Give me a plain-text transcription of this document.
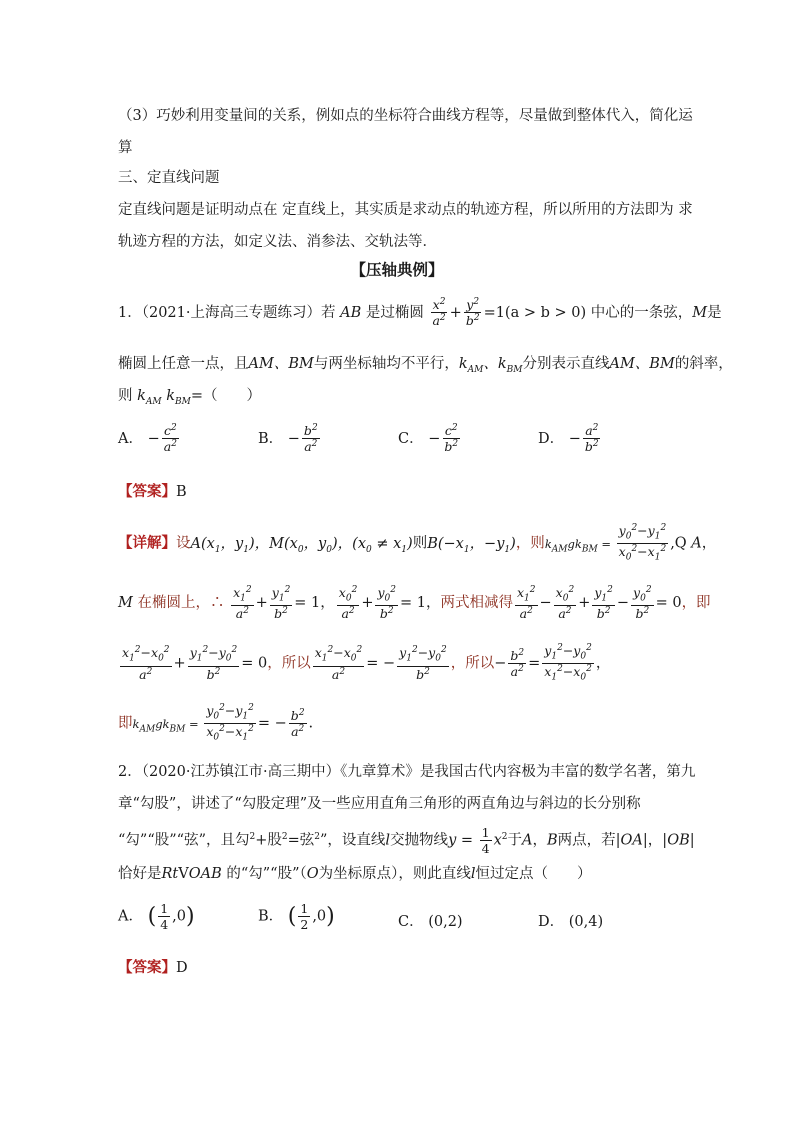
（3）巧妙利用变量间的关系，例如点的坐标符合曲线方程等，尽量做到整体代入，简化运
算
三、定直线问题
定直线问题是证明动点在 定直线上，其实质是求动点的轨迹方程，所以所用的方法即为 求
轨迹方程的方法，如定义法、消参法、交轨法等．
【压轴典例】
1．（2021·上海高三专题练习）若 AB 是过椭圆 $\frac{x^2}{a^2} + \frac{y^2}{b^2} =1(a > b > 0)$ 中心的一条弦，M是
椭圆上任意一点，且AM、BM与两坐标轴均不平行，$k_{AM}$、$k_{BM}$分别表示直线AM、BM的斜率，
则 $k_{AM}$ $k_{BM}=$（　　）
A． − $\frac{c^2}{a^2}$	B． − $\frac{b^2}{a^2}$	C． − $\frac{c^2}{b^2}$	D． − $\frac{a^2}{b^2}$
【答案】B
【详解】设$A(x_1$，$y_1$)，$M(x_0$，$y_0$)，$(x_0 \ne x_1)$则$B(-x_1$，$-y_1$)，则$k_{AM}gk_{BM} = \frac{y_0^2-y_1^2}{x_0^2-x_1^2} ,Q$ A，
M 在椭圆上，∴ $\frac{x_1^2}{a^2} + \frac{y_1^2}{b^2} = 1$， $\frac{x_0^2}{a^2} + \frac{y_0^2}{b^2} = 1$，两式相减得 $\frac{x_1^2}{a^2} - \frac{x_0^2}{a^2} + \frac{y_1^2}{b^2} - \frac{y_0^2}{b^2} = 0$，即
$\frac{x_1^2-x_0^2}{a^2} + \frac{y_1^2-y_0^2}{b^2} = 0$，所以 $\frac{x_1^2-x_0^2}{a^2}$ = − $\frac{y_1^2-y_0^2}{b^2}$ ，所以− $\frac{b^2}{a^2} = \frac{y_1^2-y_0^2}{x_1^2-x_0^2}$ ，
即$k_{AM}gk_{BM} = \frac{y_0^2-y_1^2}{x_0^2-x_1^2}$ = − $\frac{b^2}{a^2}$ .
2．（2020·江苏镇江市·高三期中）《九章算术》是我国古代内容极为丰富的数学名著，第九
章“勾股”，讲述了“勾股定理”及一些应用直角三角形的两直角边与斜边的长分别称
“勾”“股”“弦”，且勾$^2$+股$^2$=弦$^2$”，设直线l交抛物线$y = \frac{1}{4} x^2$于A，B两点，若|OA|，|OB|
恰好是RtVOAB 的“勾”“股”（O为坐标原点），则此直线l恒过定点（　　）
A． ( $\frac{1}{4} ,0$)	B． ( $\frac{1}{2} ,0$)	C． (0,2)	D． (0,4)
【答案】D
